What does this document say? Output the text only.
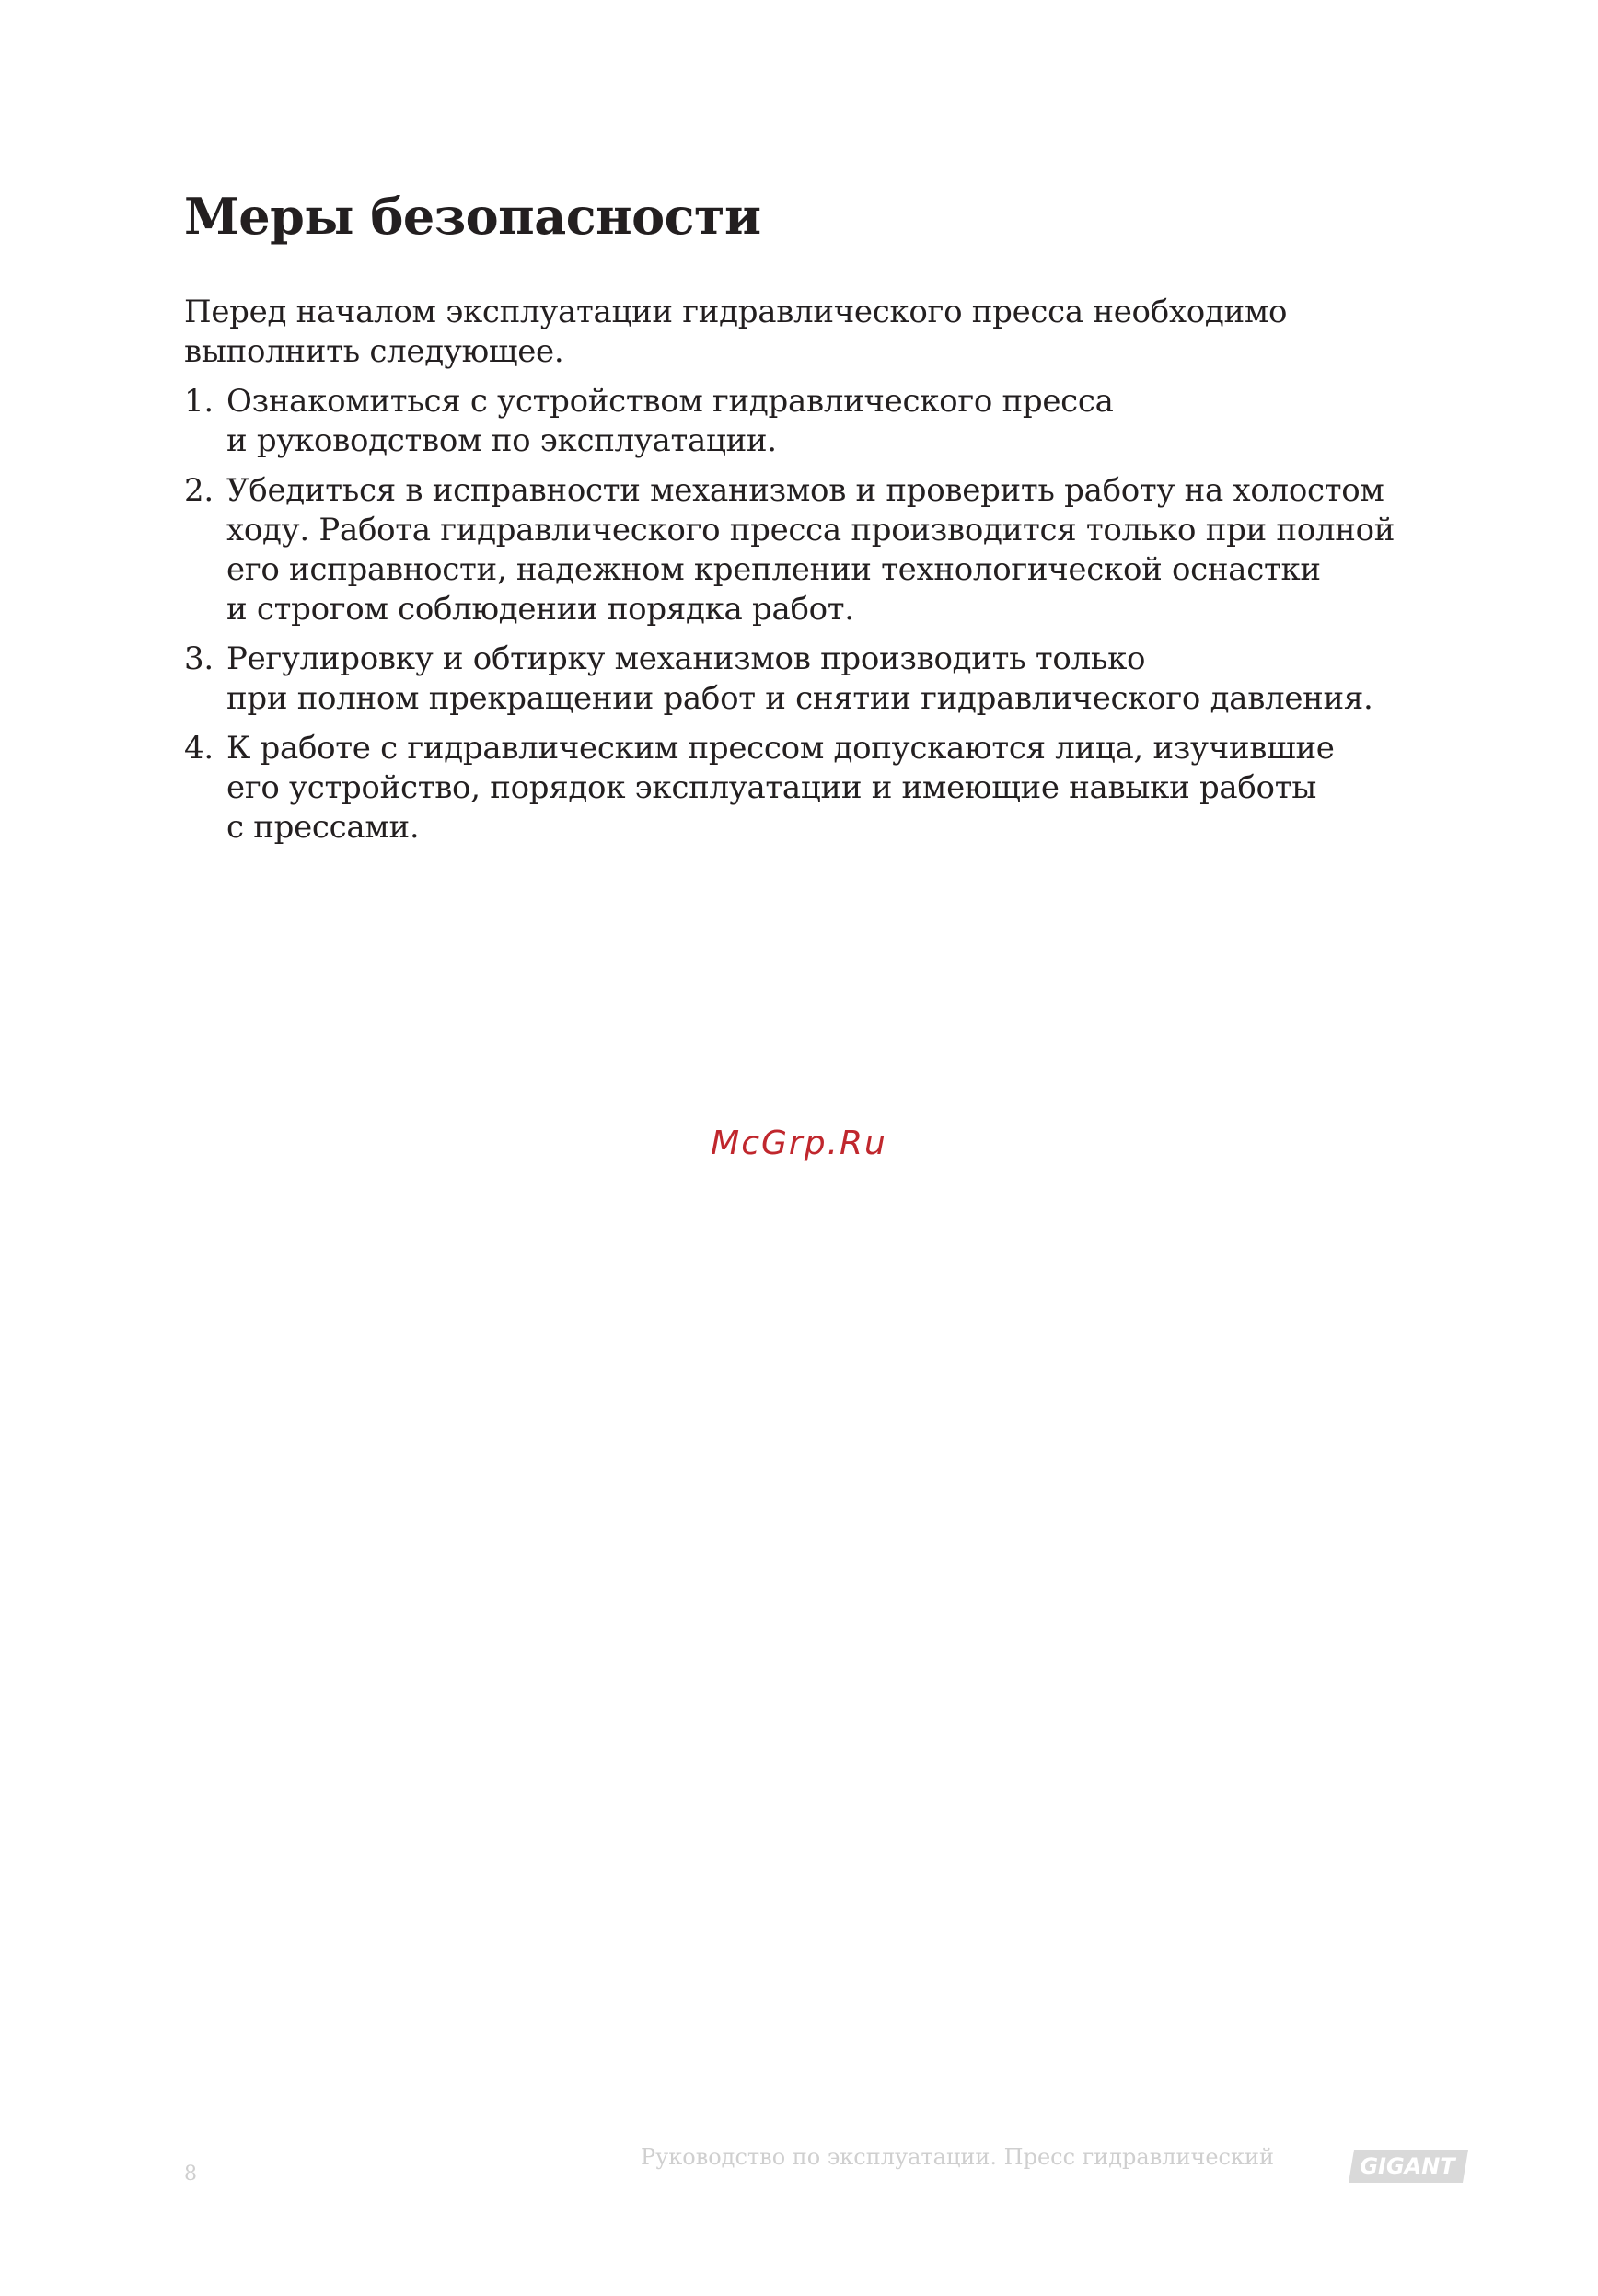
Меры безопасности

Перед началом эксплуатации гидравлического пресса необходимо
выполнить следующее.

1. Ознакомиться с устройством гидравлического пресса
и руководством по эксплуатации.
2. Убедиться в исправности механизмов и проверить работу на холостом
ходу. Работа гидравлического пресса производится только при полной
его исправности, надежном креплении технологической оснастки
и строгом соблюдении порядка работ.
3. Регулировку и обтирку механизмов производить только
при полном прекращении работ и снятии гидравлического давления.
4. К работе с гидравлическим прессом допускаются лица, изучившие
его устройство, порядок эксплуатации и имеющие навыки работы
с прессами.
McGrp.Ru
8
Руководство по эксплуатации. Пресс гидравлический	GIGANT
